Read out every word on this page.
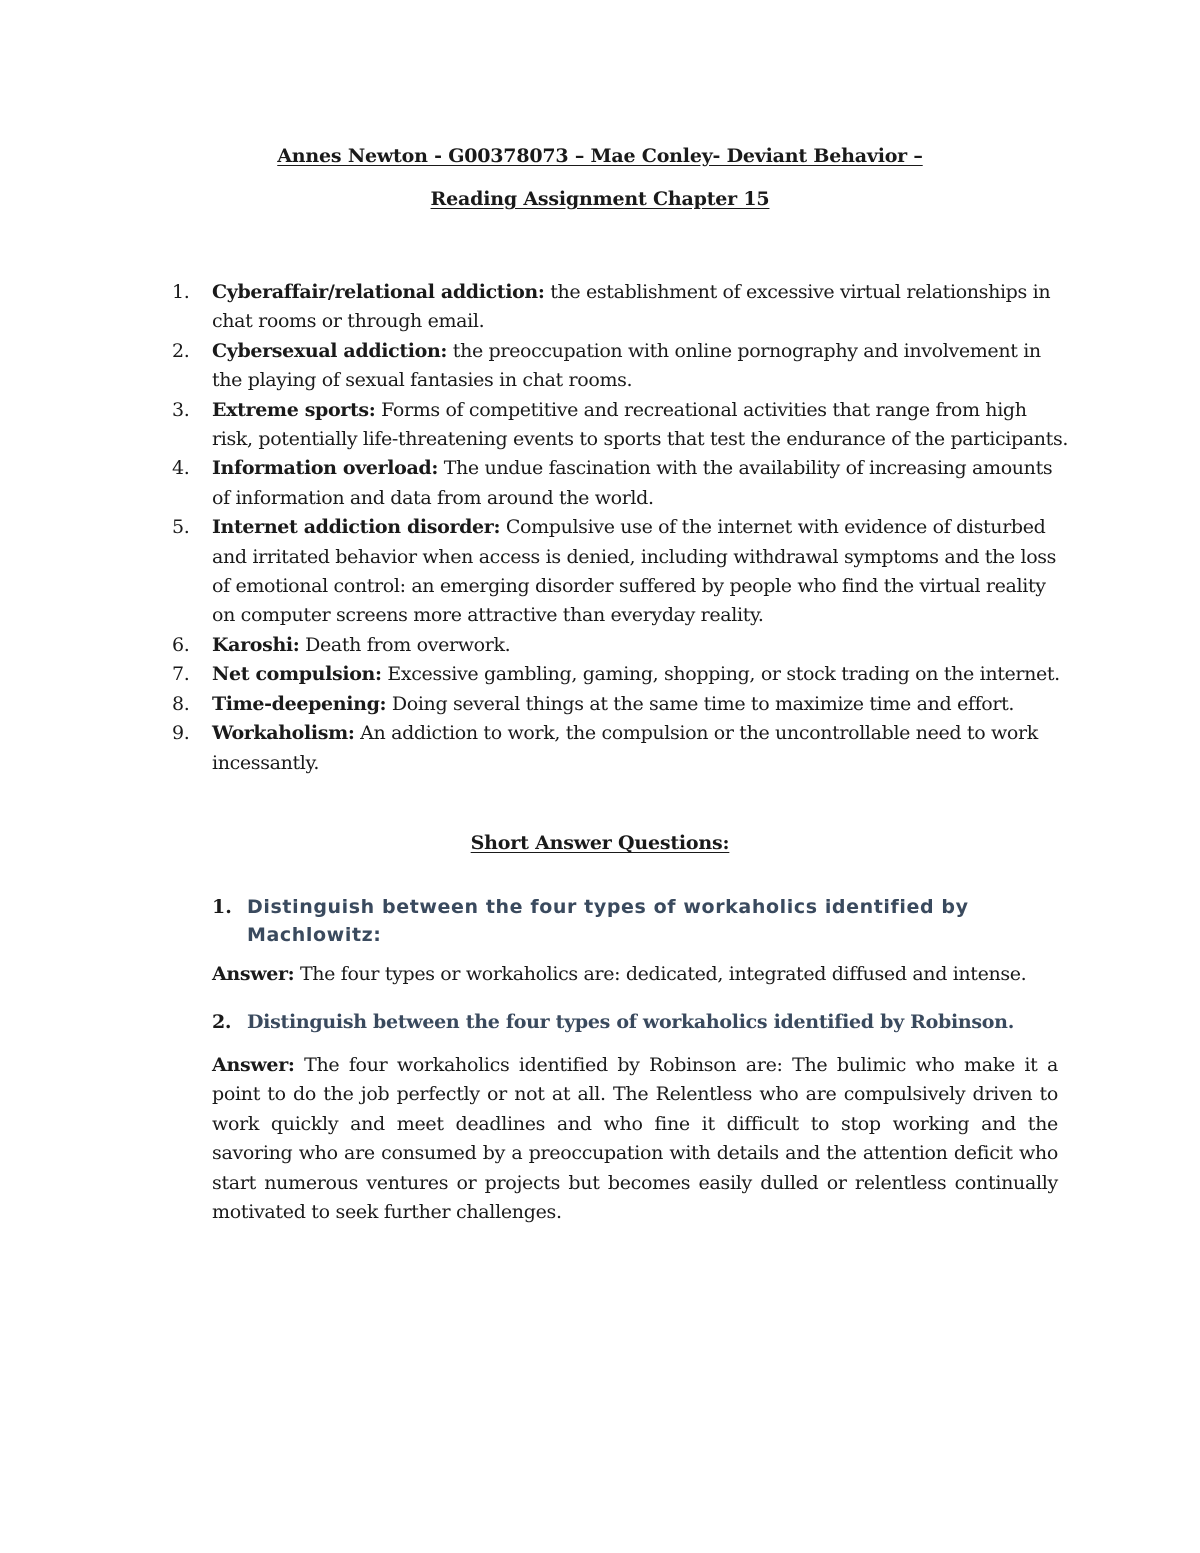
Annes Newton - G00378073 – Mae Conley- Deviant Behavior –
Reading Assignment Chapter 15
1.	Cyberaffair/relational addiction: the establishment of excessive virtual relationships in chat rooms or through email.
2.	Cybersexual addiction: the preoccupation with online pornography and involvement in the playing of sexual fantasies in chat rooms.
3.	Extreme sports: Forms of competitive and recreational activities that range from high risk, potentially life-threatening events to sports that test the endurance of the participants.
4.	Information overload: The undue fascination with the availability of increasing amounts of information and data from around the world.
5.	Internet addiction disorder: Compulsive use of the internet with evidence of disturbed and irritated behavior when access is denied, including withdrawal symptoms and the loss of emotional control: an emerging disorder suffered by people who find the virtual reality on computer screens more attractive than everyday reality.
6.	Karoshi: Death from overwork.
7.	Net compulsion: Excessive gambling, gaming, shopping, or stock trading on the internet.
8.	Time-deepening: Doing several things at the same time to maximize time and effort.
9.	Workaholism: An addiction to work, the compulsion or the uncontrollable need to work incessantly.
Short Answer Questions:
1. Distinguish between the four types of workaholics identified by Machlowitz:
Answer: The four types or workaholics are: dedicated, integrated diffused and intense.
2. Distinguish between the four types of workaholics identified by Robinson.
Answer: The four workaholics identified by Robinson are: The bulimic who make it a point to do the job perfectly or not at all. The Relentless who are compulsively driven to work quickly and meet deadlines and who fine it difficult to stop working and the savoring who are consumed by a preoccupation with details and the attention deficit who start numerous ventures or projects but becomes easily dulled or relentless continually motivated to seek further challenges.
